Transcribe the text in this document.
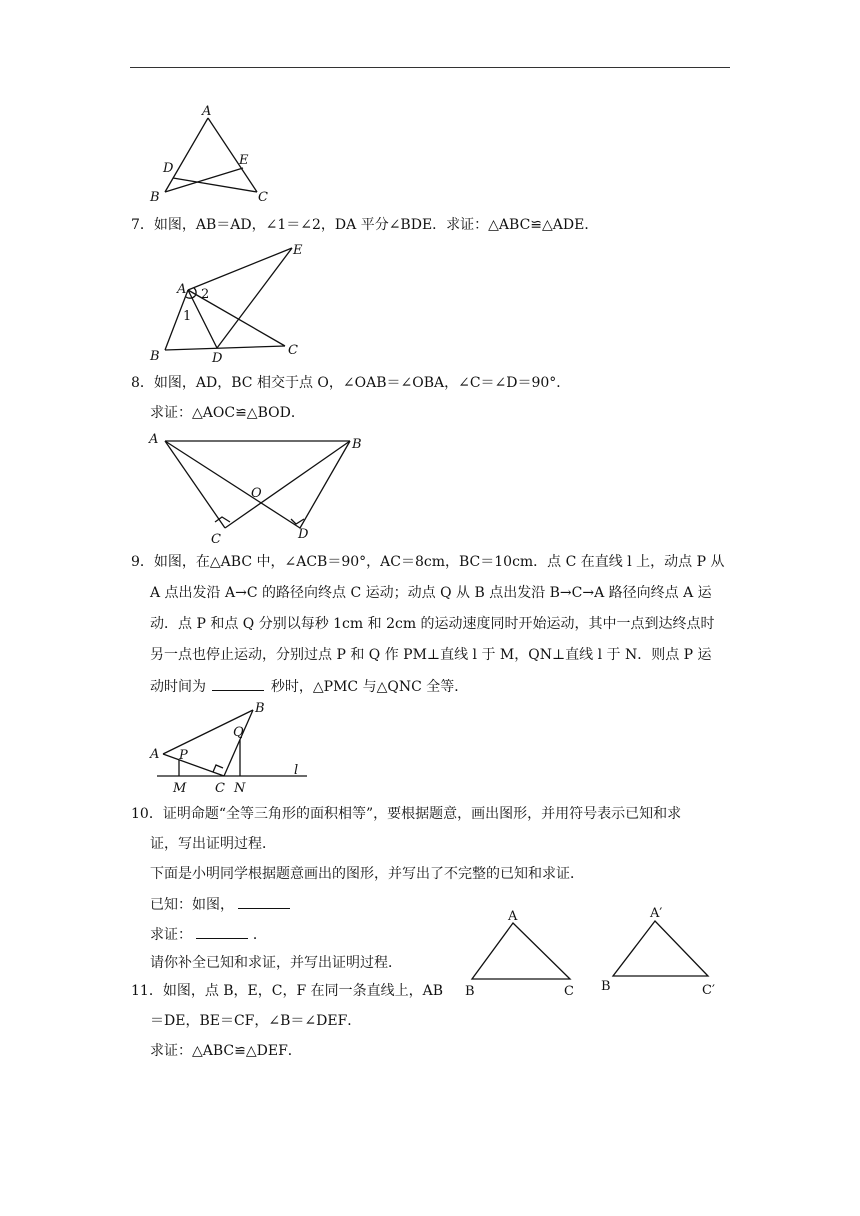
A
D
E
B	C
7．如图，AB＝AD，∠1＝∠2，DA 平分∠BDE．求证：△ABC≌△ADE．
A 2
1
E
B	D
C
8．如图，AD，BC 相交于点 O，∠OAB＝∠OBA，∠C＝∠D＝90°．
求证：△AOC≌△BOD．
A	B
O
C	D
9．如图，在△ABC 中，∠ACB＝90°，AC＝8cm，BC＝10cm．点 C 在直线 l 上，动点 P 从
A 点出发沿 A→C 的路径向终点 C 运动；动点 Q 从 B 点出发沿 B→C→A 路径向终点 A 运
动．点 P 和点 Q 分别以每秒 1cm 和 2cm 的运动速度同时开始运动，其中一点到达终点时
另一点也停止运动，分别过点 P 和 Q 作 PM⊥直线 l 于 M，QN⊥直线 l 于 N．则点 P 运
动时间为	秒时，△PMC 与△QNC 全等．
A P
B
Q
M C N
l
10．证明命题“全等三角形的面积相等”，要根据题意，画出图形，并用符号表示已知和求
证，写出证明过程．
下面是小明同学根据题意画出的图形，并写出了不完整的已知和求证．
已知：如图，
求证：	．
请你补全已知和求证，并写出证明过程．
A
B	C
A′
B	C′
11．如图，点 B，E，C，F 在同一条直线上，AB
＝DE，BE＝CF，∠B＝∠DEF．
求证：△ABC≌△DEF．
